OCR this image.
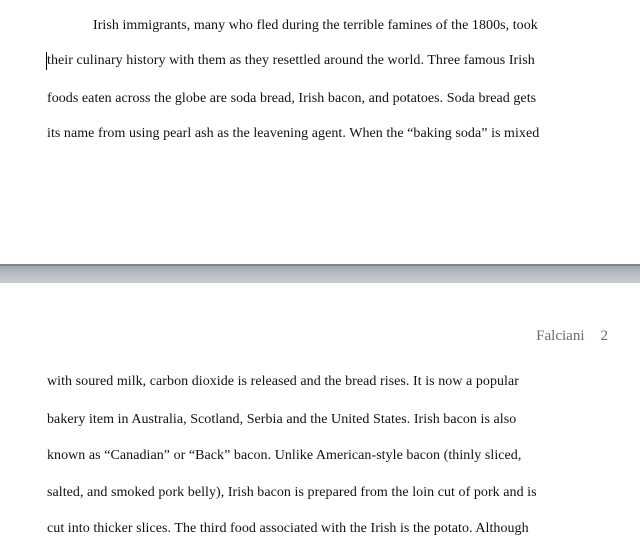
Irish immigrants, many who fled during the terrible famines of the 1800s, took
their culinary history with them as they resettled around the world. Three famous Irish
foods eaten across the globe are soda bread, Irish bacon, and potatoes. Soda bread gets
its name from using pearl ash as the leavening agent. When the “baking soda” is mixed
Falciani 2
with soured milk, carbon dioxide is released and the bread rises. It is now a popular
bakery item in Australia, Scotland, Serbia and the United States. Irish bacon is also
known as “Canadian” or “Back” bacon. Unlike American-style bacon (thinly sliced,
salted, and smoked pork belly), Irish bacon is prepared from the loin cut of pork and is
cut into thicker slices. The third food associated with the Irish is the potato. Although
